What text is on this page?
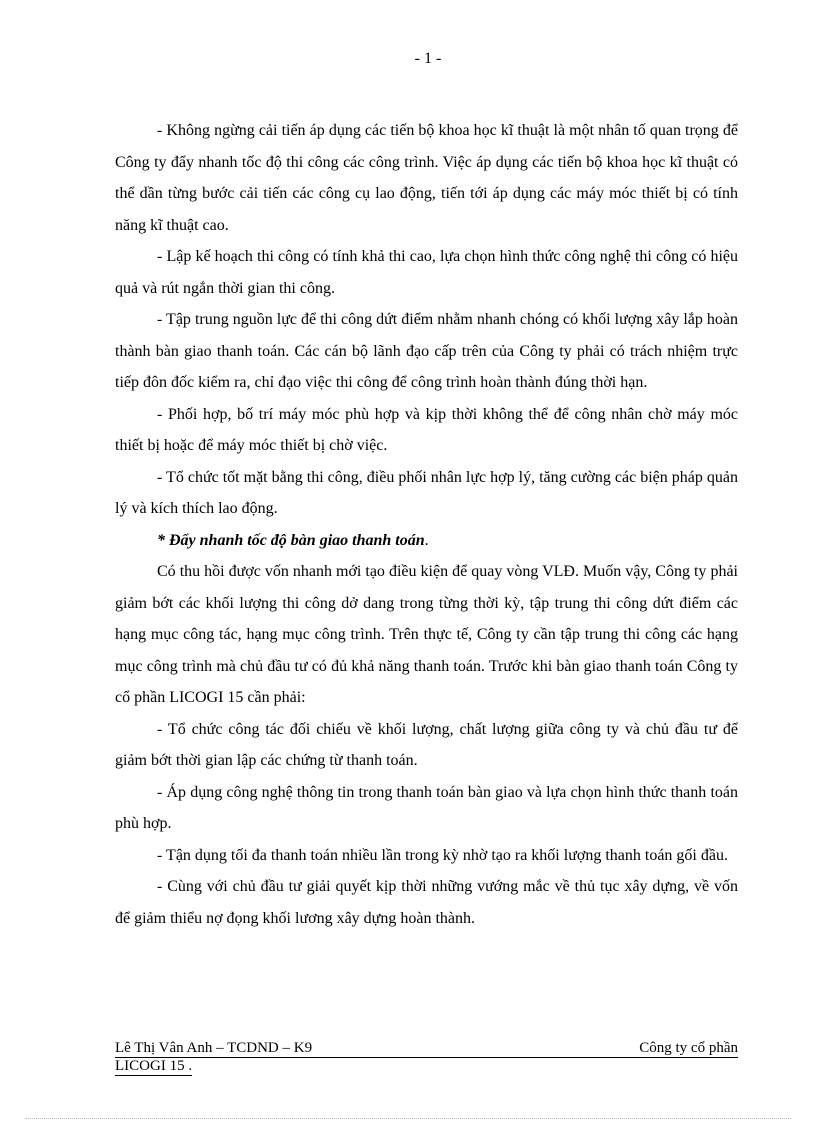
- 1 -

- Không ngừng cải tiến áp dụng các tiến bộ khoa học kĩ thuật là một nhân tố quan trọng để Công ty đẩy nhanh tốc độ thi công các công trình. Việc áp dụng các tiến bộ khoa học kĩ thuật có thể dần từng bước cải tiến các công cụ lao động, tiến tới áp dụng các máy móc thiết bị có tính năng kĩ thuật cao.

- Lập kế hoạch thi công có tính khả thi cao, lựa chọn hình thức công nghệ thi công có hiệu quả và rút ngắn thời gian thi công.

- Tập trung nguồn lực để thi công dứt điểm nhằm nhanh chóng có khối lượng xây lắp hoàn thành bàn giao thanh toán. Các cán bộ lãnh đạo cấp trên của Công ty phải có trách nhiệm trực tiếp đôn đốc kiểm ra, chỉ đạo việc thi công để công trình hoàn thành đúng thời hạn.

- Phối hợp, bố trí máy móc phù hợp và kịp thời không thể để công nhân chờ máy móc thiết bị hoặc để máy móc thiết bị chờ việc.

- Tổ chức tốt mặt bằng thi công, điều phối nhân lực hợp lý, tăng cường các biện pháp quản lý và kích thích lao động.

* Đẩy nhanh tốc độ bàn giao thanh toán.

Có thu hồi được vốn nhanh mới tạo điều kiện để quay vòng VLĐ. Muốn vậy, Công ty phải giảm bớt các khối lượng thi công dở dang trong từng thời kỳ, tập trung thi công dứt điểm các hạng mục công tác, hạng mục công trình. Trên thực tế, Công ty cần tập trung thi công các hạng mục công trình mà chủ đầu tư có đủ khả năng thanh toán. Trước khi bàn giao thanh toán Công ty cổ phần LICOGI 15 cần phải:

- Tổ chức công tác đối chiếu về khối lượng, chất lượng giữa công ty và chủ đầu tư để giảm bớt thời gian lập các chứng từ thanh toán.

- Áp dụng công nghệ thông tin trong thanh toán bàn giao và lựa chọn hình thức thanh toán phù hợp.

- Tận dụng tối đa thanh toán nhiều lần trong kỳ nhờ tạo ra khối lượng thanh toán gối đầu.

- Cùng với chủ đầu tư giải quyết kịp thời những vướng mắc về thủ tục xây dựng, về vốn để giảm thiểu nợ đọng khối lương xây dựng hoàn thành.

Lê Thị Vân Anh – TCDND – K9	Công ty cổ phần
LICOGI 15 .
